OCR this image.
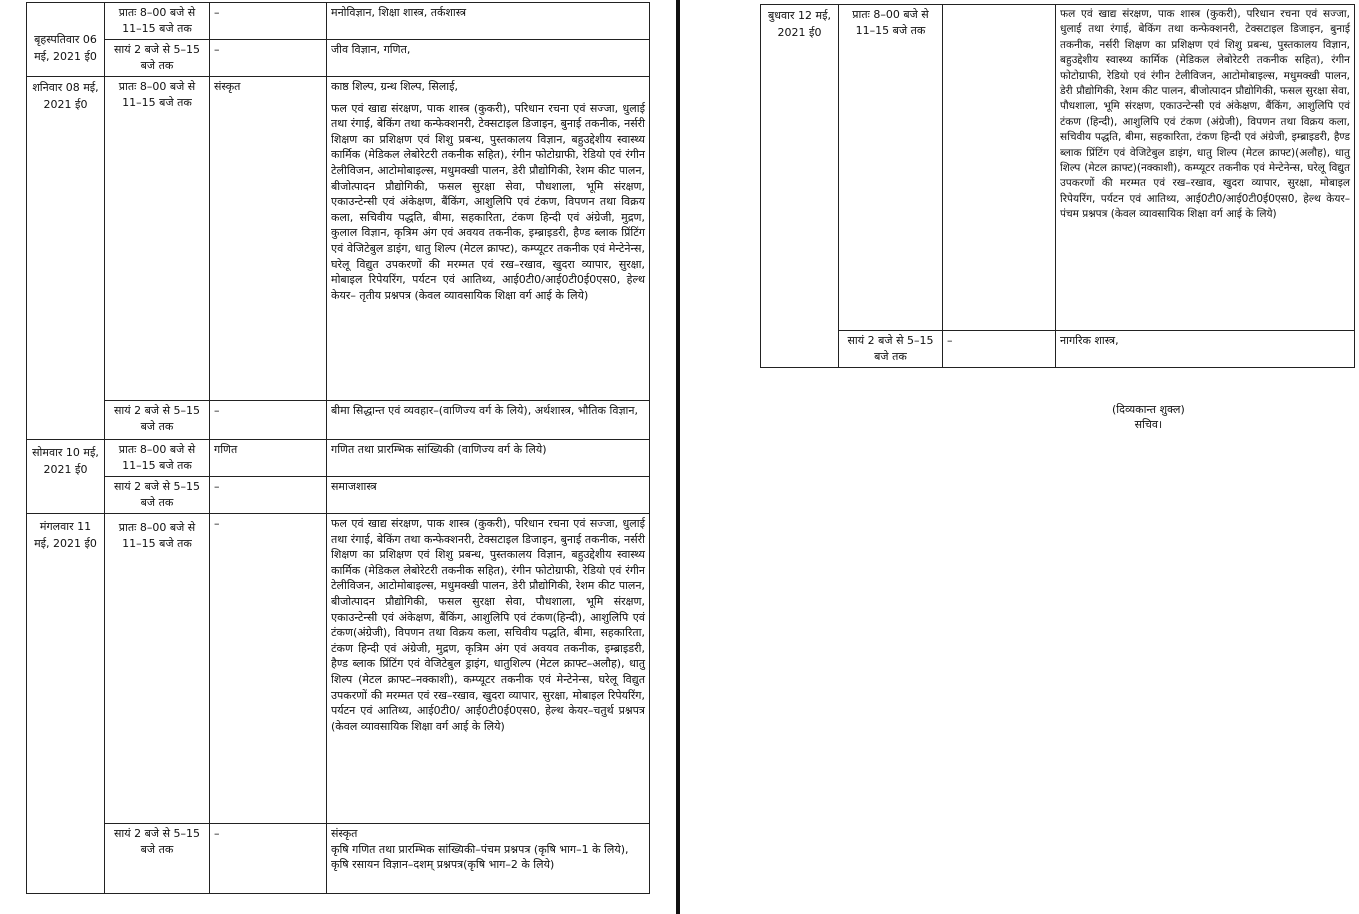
बृहस्पतिवार 06 मई, 2021 ई0	प्रातः 8–00 बजे से 11–15 बजे तक	–	मनोविज्ञान, शिक्षा शास्त्र, तर्कशास्त्र
	सायं 2 बजे से 5–15 बजे तक	–	जीव विज्ञान, गणित,
शनिवार 08 मई, 2021 ई0	प्रातः 8–00 बजे से 11–15 बजे तक	संस्कृत	काष्ठ शिल्प, ग्रन्थ शिल्प, सिलाई,
फल एवं खाद्य संरक्षण, पाक शास्त्र (कुकरी), परिधान रचना एवं सज्जा, धुलाई तथा रंगाई, बेकिंग तथा कन्फेक्शनरी, टेक्सटाइल डिजाइन, बुनाई तकनीक, नर्सरी शिक्षण का प्रशिक्षण एवं शिशु प्रबन्ध, पुस्तकालय विज्ञान, बहुउद्देशीय स्वास्थ्य कार्मिक (मेडिकल लेबोरेटरी तकनीक सहित), रंगीन फोटोग्राफी, रेडियो एवं रंगीन टेलीविजन, आटोमोबाइल्स, मधुमक्खी पालन, डेरी प्रौद्योगिकी, रेशम कीट पालन, बीजोत्पादन प्रौद्योगिकी, फसल सुरक्षा सेवा, पौधशाला, भूमि संरक्षण, एकाउन्टेन्सी एवं अंकेक्षण, बैंकिंग, आशुलिपि एवं टंकण, विपणन तथा विक्रय कला, सचिवीय पद्धति, बीमा, सहकारिता, टंकण हिन्दी एवं अंग्रेजी, मुद्रण, कुलाल विज्ञान, कृत्रिम अंग एवं अवयव तकनीक, इम्ब्राइडरी, हैण्ड ब्लाक प्रिंटिंग एवं वेजिटेबुल डाइंग, धातु शिल्प (मेटल क्राफ्ट), कम्प्यूटर तकनीक एवं मेन्टेनेन्स, घरेलू विद्युत उपकरणों की मरम्मत एवं रख–रखाव, खुदरा व्यापार, सुरक्षा, मोबाइल रिपेयरिंग, पर्यटन एवं आतिथ्य, आई0टी0/आई0टी0ई0एस0, हेल्थ केयर– तृतीय प्रश्नपत्र (केवल व्यावसायिक शिक्षा वर्ग आई के लिये)

	सायं 2 बजे से 5–15 बजे तक	–	बीमा सिद्धान्त एवं व्यवहार–(वाणिज्य वर्ग के लिये), अर्थशास्त्र, भौतिक विज्ञान,
सोमवार 10 मई, 2021 ई0	प्रातः 8–00 बजे से 11–15 बजे तक	गणित	गणित तथा प्रारम्भिक सांख्यिकी (वाणिज्य वर्ग के लिये)
	सायं 2 बजे से 5–15 बजे तक	–	समाजशास्त्र
मंगलवार 11 मई, 2021 ई0	प्रातः 8–00 बजे से 11–15 बजे तक	–	फल एवं खाद्य संरक्षण, पाक शास्त्र (कुकरी), परिधान रचना एवं सज्जा, धुलाई तथा रंगाई, बेकिंग तथा कन्फेक्शनरी, टेक्सटाइल डिजाइन, बुनाई तकनीक, नर्सरी शिक्षण का प्रशिक्षण एवं शिशु प्रबन्ध, पुस्तकालय विज्ञान, बहुउद्देशीय स्वास्थ्य कार्मिक (मेडिकल लेबोरेटरी तकनीक सहित), रंगीन फोटोग्राफी, रेडियो एवं रंगीन टेलीविजन, आटोमोबाइल्स, मधुमक्खी पालन, डेरी प्रौद्योगिकी, रेशम कीट पालन, बीजोत्पादन प्रौद्योगिकी, फसल सुरक्षा सेवा, पौधशाला, भूमि संरक्षण, एकाउन्टेन्सी एवं अंकेक्षण, बैंकिंग, आशुलिपि एवं टंकण(हिन्दी), आशुलिपि एवं टंकण(अंग्रेजी), विपणन तथा विक्रय कला, सचिवीय पद्धति, बीमा, सहकारिता, टंकण हिन्दी एवं अंग्रेजी, मुद्रण, कृत्रिम अंग एवं अवयव तकनीक, इम्ब्राइडरी, हैण्ड ब्लाक प्रिंटिंग एवं वेजिटेबुल ड्राइंग, धातुशिल्प (मेटल क्राफ्ट–अलौह), धातु शिल्प (मेटल क्राफ्ट–नक्काशी), कम्प्यूटर तकनीक एवं मेन्टेनेन्स, घरेलू विद्युत उपकरणों की मरम्मत एवं रख–रखाव, खुदरा व्यापार, सुरक्षा, मोबाइल रिपेयरिंग, पर्यटन एवं आतिथ्य, आई0टी0/ आई0टी0ई0एस0, हेल्थ केयर–चतुर्थ प्रश्नपत्र (केवल व्यावसायिक शिक्षा वर्ग आई के लिये)
	सायं 2 बजे से 5–15 बजे तक	–	संस्कृत
कृषि गणित तथा प्रारम्भिक सांख्यिकी–पंचम प्रश्नपत्र (कृषि भाग–1 के लिये),
कृषि रसायन विज्ञान–दशम् प्रश्नपत्र(कृषि भाग–2 के लिये)
बुधवार 12 मई, 2021 ई0	प्रातः 8–00 बजे से 11–15 बजे तक		फल एवं खाद्य संरक्षण, पाक शास्त्र (कुकरी), परिधान रचना एवं सज्जा, धुलाई तथा रंगाई, बेकिंग तथा कन्फेक्शनरी, टेक्सटाइल डिजाइन, बुनाई तकनीक, नर्सरी शिक्षण का प्रशिक्षण एवं शिशु प्रबन्ध, पुस्तकालय विज्ञान, बहुउद्देशीय स्वास्थ्य कार्मिक (मेडिकल लेबोरेटरी तकनीक सहित), रंगीन फोटोग्राफी, रेडियो एवं रंगीन टेलीविजन, आटोमोबाइल्स, मधुमक्खी पालन, डेरी प्रौद्योगिकी, रेशम कीट पालन, बीजोत्पादन प्रौद्योगिकी, फसल सुरक्षा सेवा, पौधशाला, भूमि संरक्षण, एकाउन्टेन्सी एवं अंकेक्षण, बैंकिंग, आशुलिपि एवं टंकण (हिन्दी), आशुलिपि एवं टंकण (अंग्रेजी), विपणन तथा विक्रय कला, सचिवीय पद्धति, बीमा, सहकारिता, टंकण हिन्दी एवं अंग्रेजी, इम्ब्राइडरी, हैण्ड ब्लाक प्रिंटिंग एवं वेजिटेबुल डाइंग, धातु शिल्प (मेटल क्राफ्ट)(अलौह), धातु शिल्प (मेटल क्राफ्ट)(नक्काशी), कम्प्यूटर तकनीक एवं मेन्टेनेन्स, घरेलू विद्युत उपकरणों की मरम्मत एवं रख–रखाव, खुदरा व्यापार, सुरक्षा, मोबाइल रिपेयरिंग, पर्यटन एवं आतिथ्य, आई0टी0/आई0टी0ई0एस0, हेल्थ केयर–पंचम प्रश्नपत्र (केवल व्यावसायिक शिक्षा वर्ग आई के लिये)
	सायं 2 बजे से 5–15 बजे तक	–	नागरिक शास्त्र,
(दिव्यकान्त शुक्ल)
सचिव।
